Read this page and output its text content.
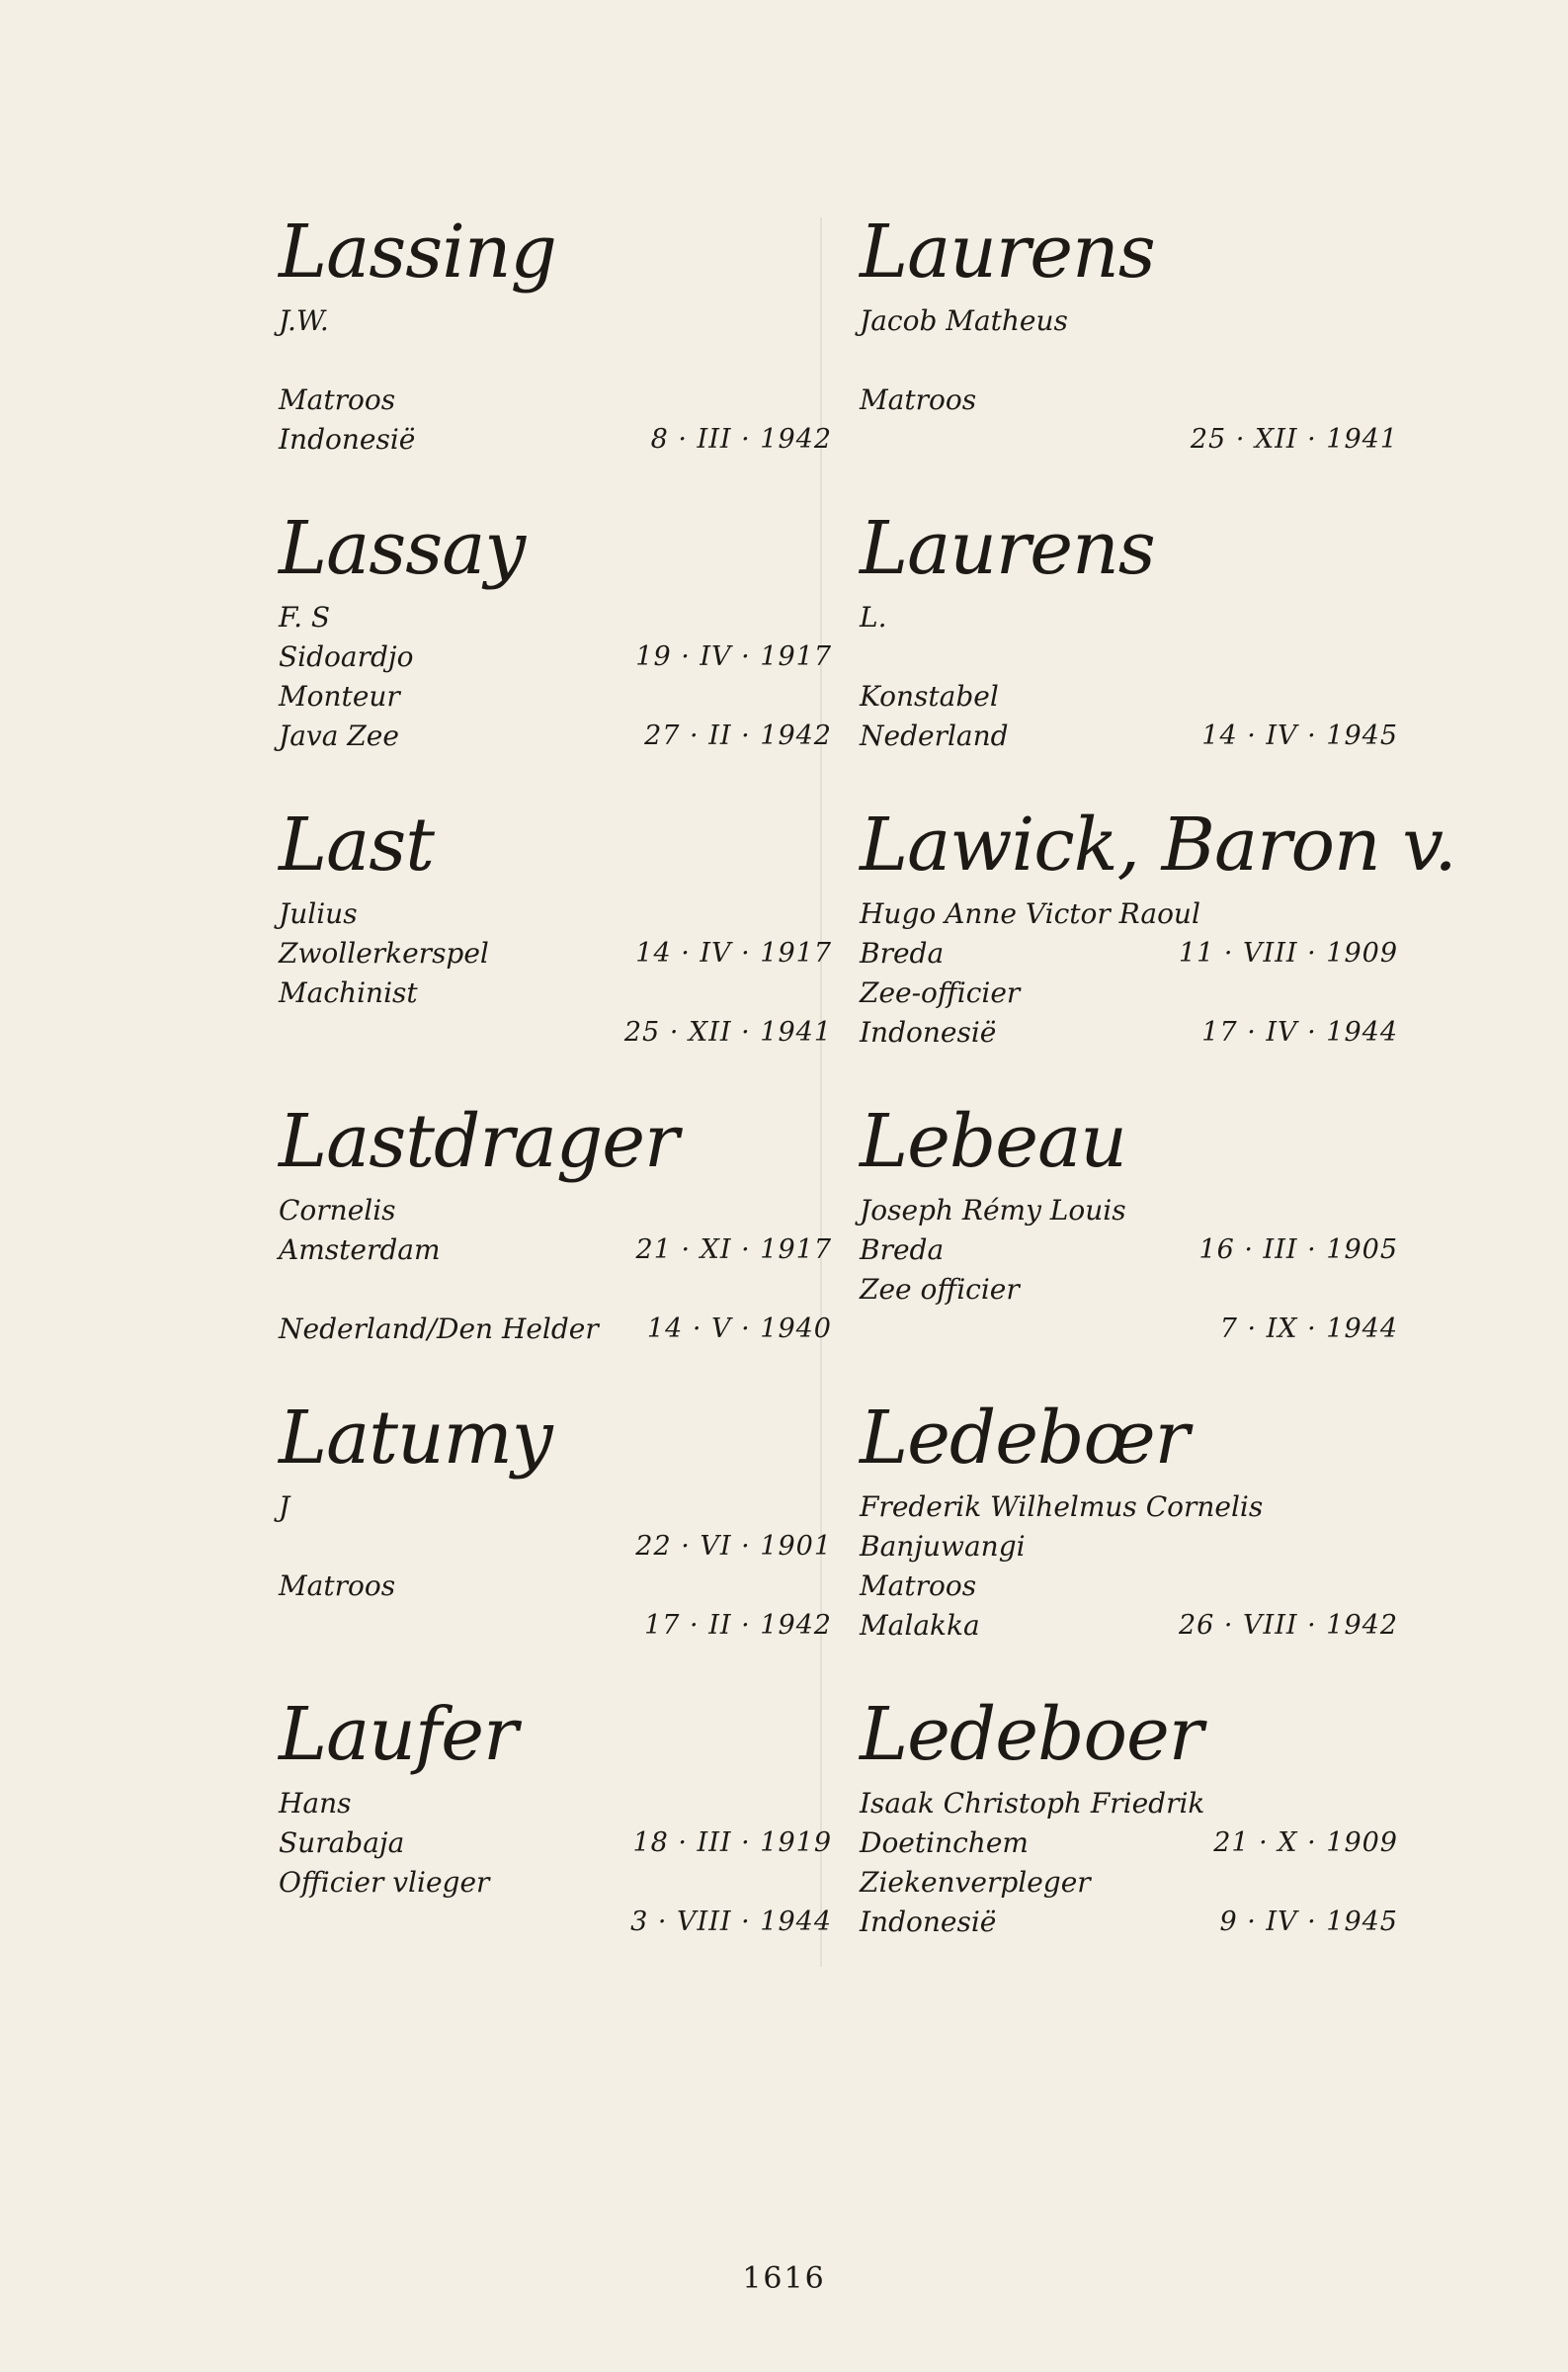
Lassing
J.W.
Matroos
Indonesië	8 · III · 1942
Lassay
F. S
Sidoardjo	19 · IV · 1917
Monteur
Java Zee	27 · II · 1942
Last
Julius
Zwollerkerspel	14 · IV · 1917
Machinist
25 · XII · 1941
Lastdrager
Cornelis
Amsterdam	21 · XI · 1917
Nederland/Den Helder 14 · V · 1940
Latumy
J
22 · VI · 1901
Matroos
17 · II · 1942
Laufer
Hans
Surabaja	18 · III · 1919
Officier vlieger
3 · VIII · 1944
Laurens
Jacob Matheus
Matroos
25 · XII · 1941
Laurens
L.
Konstabel
Nederland	14 · IV · 1945
Lawick, Baron v.
Hugo Anne Victor Raoul
Breda	11 · VIII · 1909
Zee-officier
Indonesië	17 · IV · 1944
Lebeau
Joseph Rémy Louis
Breda	16 · III · 1905
Zee officier
7 · IX · 1944
Ledebœr
Frederik Wilhelmus Cornelis
Banjuwangi
Matroos
Malakka	26 · VIII · 1942
Ledeboer
Isaak Christoph Friedrik
Doetinchem	21 · X · 1909
Ziekenverpleger
Indonesië	9 · IV · 1945
1616
